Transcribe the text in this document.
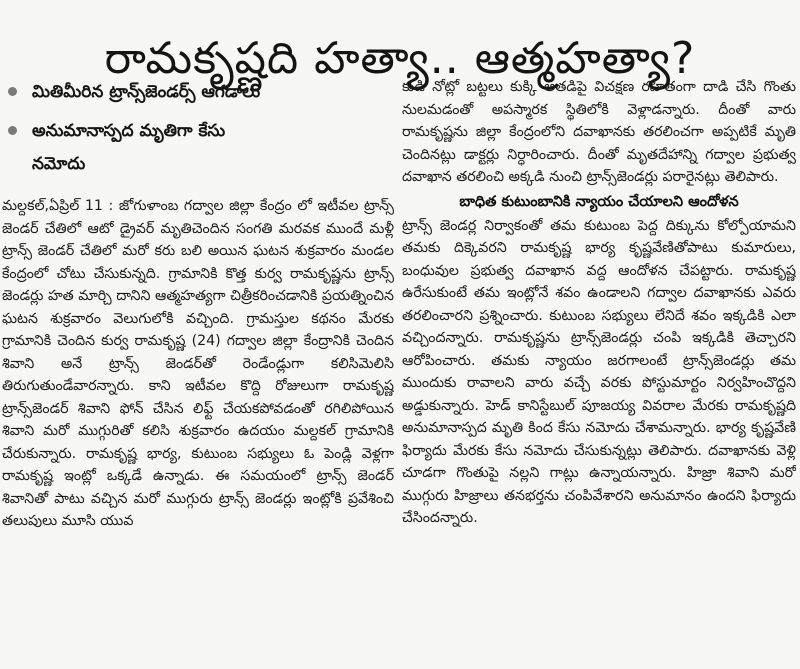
రామకృష్ణది హత్యా.. ఆత్మహత్యా?
మితిమీరిన ట్రాన్స్‌జెండర్స్ ఆగడాలు
అనుమానాస్పద మృతిగా కేసు నమోదు

మల్దకల్,ఏప్రిల్ 11 : జోగుళాంబ గద్వాల జిల్లా కేంద్రం లో ఇటీవల ట్రాన్స్ జెండర్ చేతిలో ఆటో డ్రైవర్ మృతిచెందిన సంగతి మరవక ముందే మళ్లీ ట్రాన్స్ జెండర్ చేతిలో మరో కరు బలి అయిన ఘటన శుక్రవారం మండల కేంద్రంలో చోటు చేసుకున్నది. గ్రామానికి కొత్త కుర్వ రామకృష్ణను ట్రాన్స్ జెండర్లు హత మార్చి దానిని ఆత్మహత్యగా చిత్రీకరించడానికి ప్రయత్నించిన ఘటన శుక్రవారం వెలుగులోకి వచ్చింది. గ్రామస్తుల కథనం మేరకు గ్రామానికి చెందిన కుర్వ రామకృష్ణ (24) గద్వాల జిల్లా కేంద్రానికి చెందిన శివాని అనే ట్రాన్స్ జెండర్‌తో రెండేండ్లుగా కలిసిమెలిసి తిరుగుతుండేవారన్నారు. కాని ఇటీవల కొద్ది రోజులుగా రామకృష్ణ ట్రాన్స్‌జెండర్ శివాని ఫోన్ చేసిన లిఫ్ట్ చేయకపోవడంతో రగిలిపోయిన శివాని మరో ముగ్గురితో కలిసి శుక్రవారం ఉదయం మల్దకల్ గ్రామానికి చేరుకున్నారు. రామకృష్ణ భార్య, కుటుంబ సభ్యులు ఓ పెండ్లి వెళ్లగా రామకృష్ణ ఇంట్లో ఒక్కడే ఉన్నాడు. ఈ సమయంలో ట్రాన్స్ జెండర్ శివానితో పాటు వచ్చిన మరో ముగ్గురు ట్రాన్స్ జెండర్లు ఇంట్లోకి ప్రవేశించి తలుపులు మూసి యువ

కుడి నోట్లో బట్టలు కుక్కి అతడిపై విచక్షణ రహితంగా దాడి చేసి గొంతు నులమడంతో అపస్మారక స్థితిలోకి వెళ్లాడన్నారు. దీంతో వారు రామకృష్ణను జిల్లా కేంద్రంలోని దవాఖానకు తరలించగా అప్పటికే మృతి చెందినట్లు డాక్టర్లు నిర్ధారించారు. దీంతో మృతదేహాన్ని గద్వాల ప్రభుత్వ దవాఖాన తరలించి అక్కడి నుంచి ట్రాన్స్‌జెండర్లు పరారైనట్లు తెలిపారు.

బాధిత కుటుంబానికి న్యాయం చేయాలని ఆందోళన

ట్రాన్స్ జెండర్ల నిర్వాకంతో తమ కుటుంబ పెద్ద దిక్కును కోల్పోయామని తమకు దిక్కెవరని రామకృష్ణ భార్య కృష్ణవేణితోపాటు కుమారులు, బంధువుల ప్రభుత్వ దవాఖాన వద్ద ఆందోళన చేపట్టారు. రామకృష్ణ ఉరేసుకుంటే తమ ఇంట్లోనే శవం ఉండాలని గద్వాల దవాఖానకు ఎవరు తరలించారని ప్రశ్నించారు. కుటుంబ సభ్యులు లేనిదే శవం ఇక్కడికి ఎలా వచ్చిందన్నారు. రామకృష్ణను ట్రాన్స్‌జెండర్లు చంపి ఇక్కడికి తెచ్చారని ఆరోపించారు. తమకు న్యాయం జరగాలంటే ట్రాన్స్‌జెండర్లు తమ ముందుకు రావాలని వారు వచ్చే వరకు పోస్టుమార్టం నిర్వహించొద్దని అడ్డుకున్నారు. హెడ్ కానిస్టేబుల్ పూజయ్య వివరాల మేరకు రామకృష్ణది అనుమానాస్పద మృతి కింద కేసు నమోదు చేశామన్నారు. భార్య కృష్ణవేణి ఫిర్యాదు మేరకు కేసు నమోదు చేసుకున్నట్లు తెలిపారు. దవాఖానకు వెళ్లి చూడగా గొంతుపై నల్లని గాట్లు ఉన్నాయన్నారు. హిజ్రా శివాని మరో ముగ్గురు హిజ్రాలు తనభర్తను చంపివేశారని అనుమానం ఉందని ఫిర్యాదు చేసిందన్నారు.
